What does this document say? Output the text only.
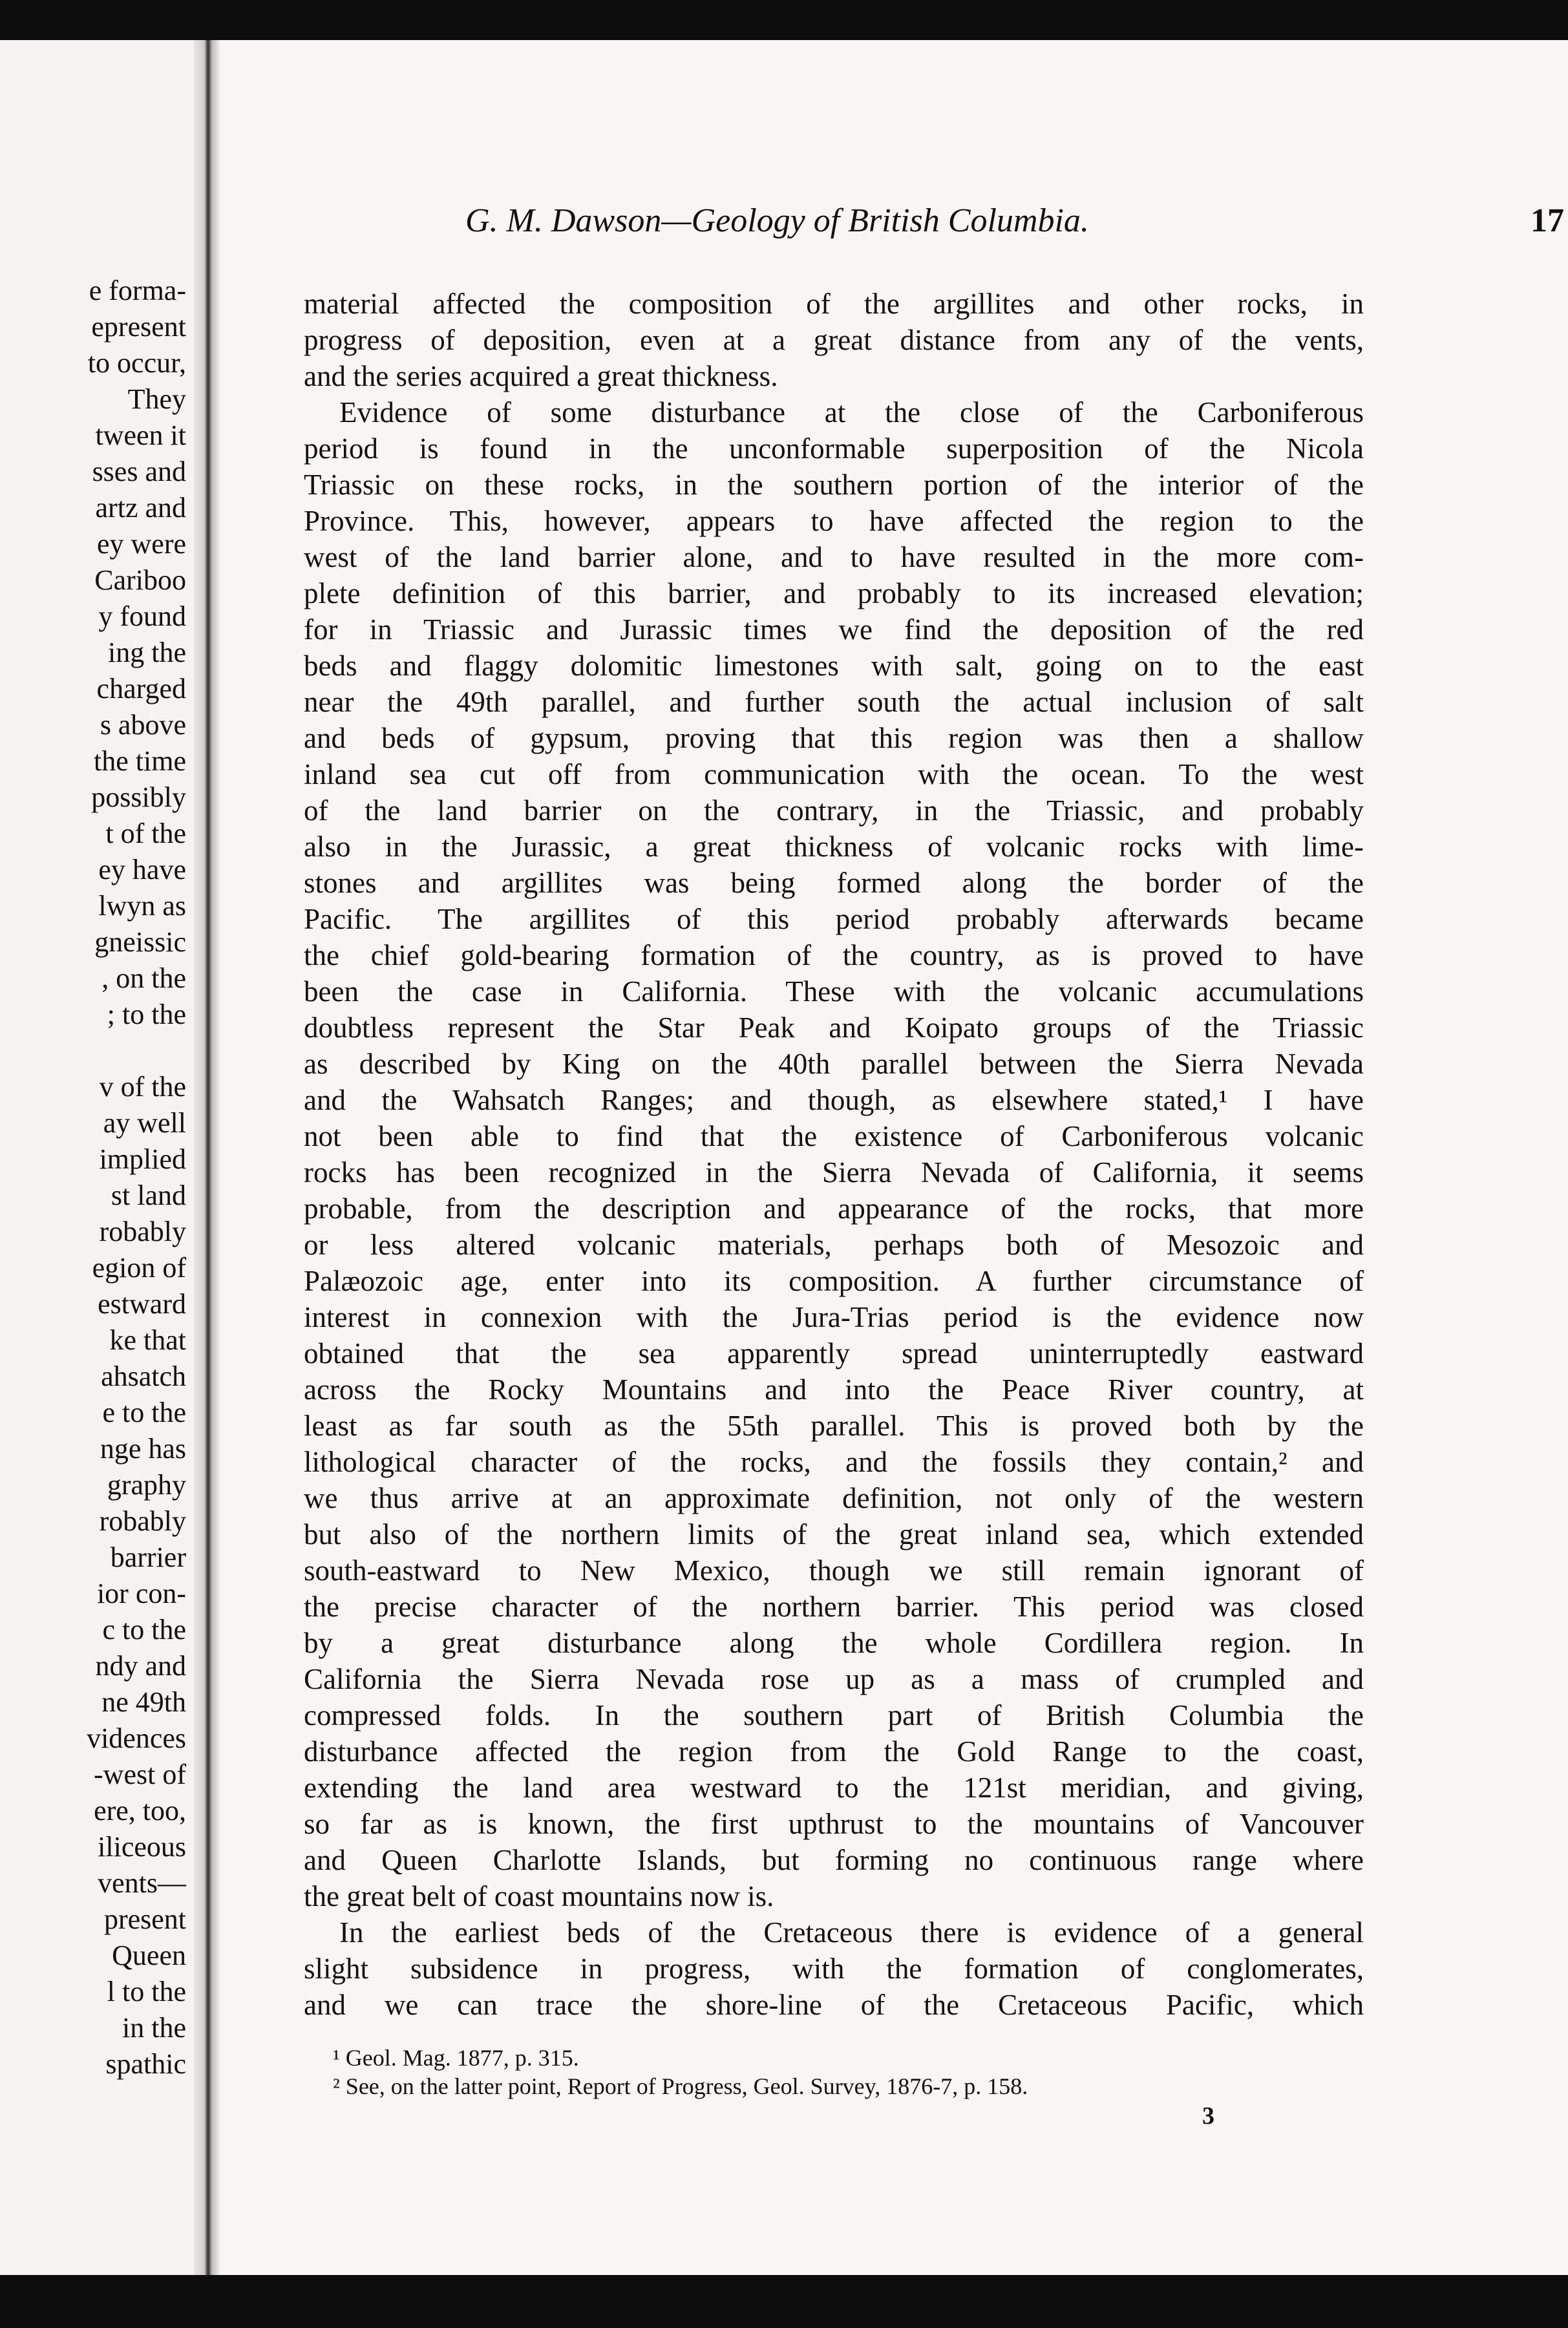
e forma-
epresent
to occur,
They
tween it
sses and
artz and
ey were
Cariboo
y found
ing the
charged
s above
the time
possibly
t of the
ey have
lwyn as
gneissic
, on the
; to the
v of the
ay well
implied
st land
robably
egion of
estward
ke that
ahsatch
e to the
nge has
graphy
robably
barrier
ior con-
c to the
ndy and
ne 49th
vidences
-west of
ere, too,
iliceous
vents—
present
Queen
l to the
in the
spathic
G. M. Dawson—Geology of British Columbia.	17
material affected the composition of the argillites and other rocks, in
progress of deposition, even at a great distance from any of the vents,
and the series acquired a great thickness.
Evidence of some disturbance at the close of the Carboniferous
period is found in the unconformable superposition of the Nicola
Triassic on these rocks, in the southern portion of the interior of the
Province. This, however, appears to have affected the region to the
west of the land barrier alone, and to have resulted in the more com-
plete definition of this barrier, and probably to its increased elevation;
for in Triassic and Jurassic times we find the deposition of the red
beds and flaggy dolomitic limestones with salt, going on to the east
near the 49th parallel, and further south the actual inclusion of salt
and beds of gypsum, proving that this region was then a shallow
inland sea cut off from communication with the ocean. To the west
of the land barrier on the contrary, in the Triassic, and probably
also in the Jurassic, a great thickness of volcanic rocks with lime-
stones and argillites was being formed along the border of the
Pacific. The argillites of this period probably afterwards became
the chief gold-bearing formation of the country, as is proved to have
been the case in California. These with the volcanic accumulations
doubtless represent the Star Peak and Koipato groups of the Triassic
as described by King on the 40th parallel between the Sierra Nevada
and the Wahsatch Ranges; and though, as elsewhere stated,¹ I have
not been able to find that the existence of Carboniferous volcanic
rocks has been recognized in the Sierra Nevada of California, it seems
probable, from the description and appearance of the rocks, that more
or less altered volcanic materials, perhaps both of Mesozoic and
Palæozoic age, enter into its composition. A further circumstance of
interest in connexion with the Jura-Trias period is the evidence now
obtained that the sea apparently spread uninterruptedly eastward
across the Rocky Mountains and into the Peace River country, at
least as far south as the 55th parallel. This is proved both by the
lithological character of the rocks, and the fossils they contain,² and
we thus arrive at an approximate definition, not only of the western
but also of the northern limits of the great inland sea, which extended
south-eastward to New Mexico, though we still remain ignorant of
the precise character of the northern barrier. This period was closed
by a great disturbance along the whole Cordillera region. In
California the Sierra Nevada rose up as a mass of crumpled and
compressed folds. In the southern part of British Columbia the
disturbance affected the region from the Gold Range to the coast,
extending the land area westward to the 121st meridian, and giving,
so far as is known, the first upthrust to the mountains of Vancouver
and Queen Charlotte Islands, but forming no continuous range where
the great belt of coast mountains now is.
In the earliest beds of the Cretaceous there is evidence of a general
slight subsidence in progress, with the formation of conglomerates,
and we can trace the shore-line of the Cretaceous Pacific, which
¹ Geol. Mag. 1877, p. 315.
² See, on the latter point, Report of Progress, Geol. Survey, 1876-7, p. 158.
3
